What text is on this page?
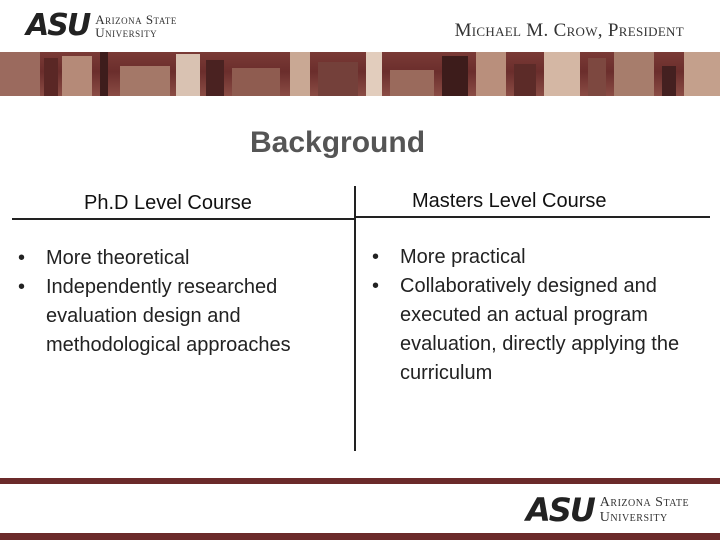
ASU Arizona State
University	Michael M. Crow, President
Background
Ph.D Level Course	Masters Level Course
• More theoretical
• Independently researched evaluation design and methodological approaches
• More practical
• Collaboratively designed and executed an actual program evaluation, directly applying the curriculum
ASU Arizona State
University
